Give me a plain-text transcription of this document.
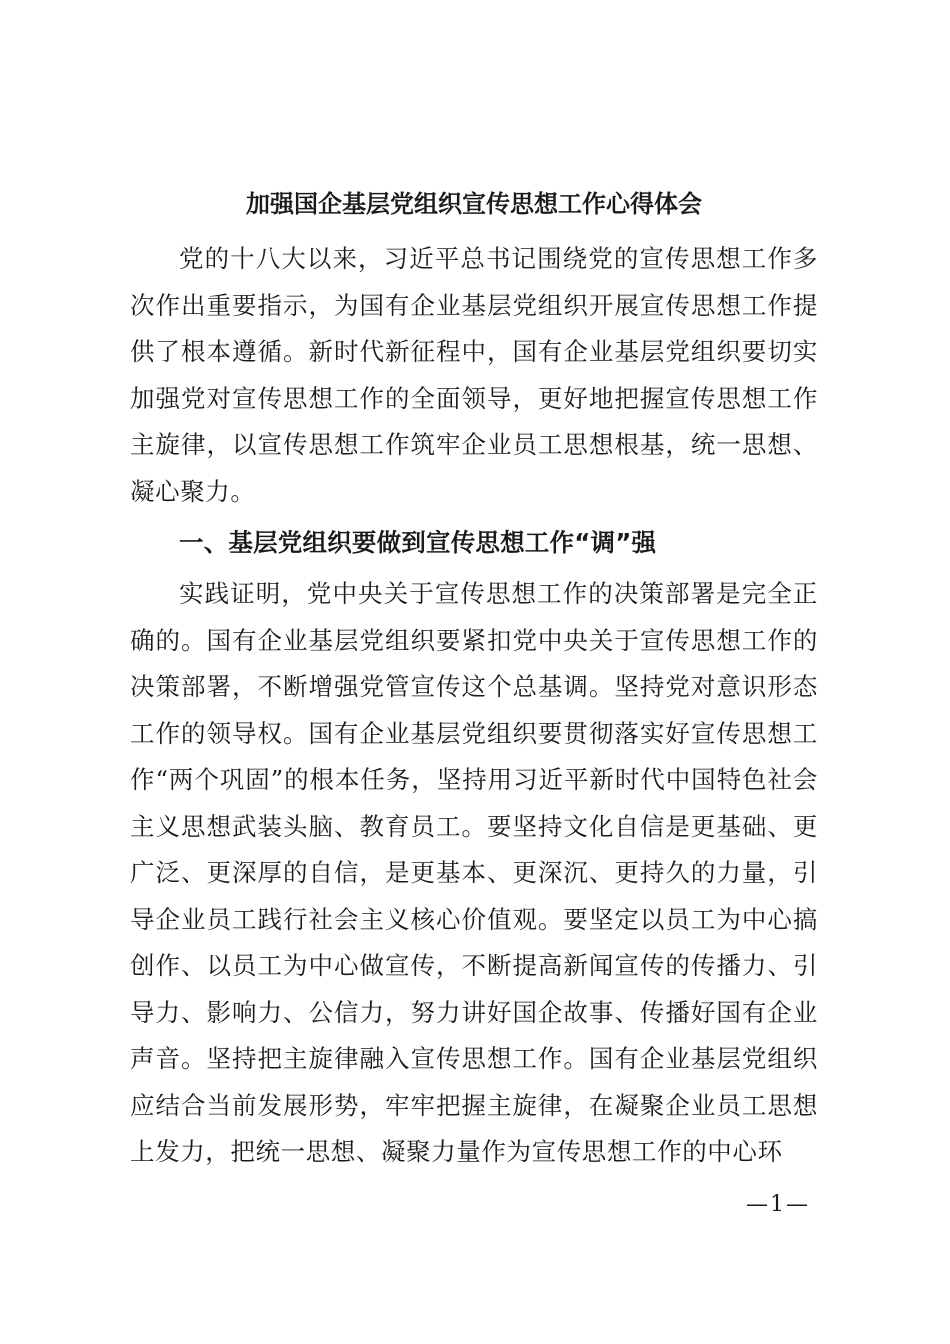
加强国企基层党组织宣传思想工作心得体会

党的十八大以来，习近平总书记围绕党的宣传思想工作多次作出重要指示，为国有企业基层党组织开展宣传思想工作提供了根本遵循。新时代新征程中，国有企业基层党组织要切实加强党对宣传思想工作的全面领导，更好地把握宣传思想工作主旋律，以宣传思想工作筑牢企业员工思想根基，统一思想、凝心聚力。

一、基层党组织要做到宣传思想工作“调”强

实践证明，党中央关于宣传思想工作的决策部署是完全正确的。国有企业基层党组织要紧扣党中央关于宣传思想工作的决策部署，不断增强党管宣传这个总基调。坚持党对意识形态工作的领导权。国有企业基层党组织要贯彻落实好宣传思想工作“两个巩固”的根本任务，坚持用习近平新时代中国特色社会主义思想武装头脑、教育员工。要坚持文化自信是更基础、更广泛、更深厚的自信，是更基本、更深沉、更持久的力量，引导企业员工践行社会主义核心价值观。要坚定以员工为中心搞创作、以员工为中心做宣传，不断提高新闻宣传的传播力、引导力、影响力、公信力，努力讲好国企故事、传播好国有企业声音。坚持把主旋律融入宣传思想工作。国有企业基层党组织应结合当前发展形势，牢牢把握主旋律，在凝聚企业员工思想上发力，把统一思想、凝聚力量作为宣传思想工作的中心环

—1—
